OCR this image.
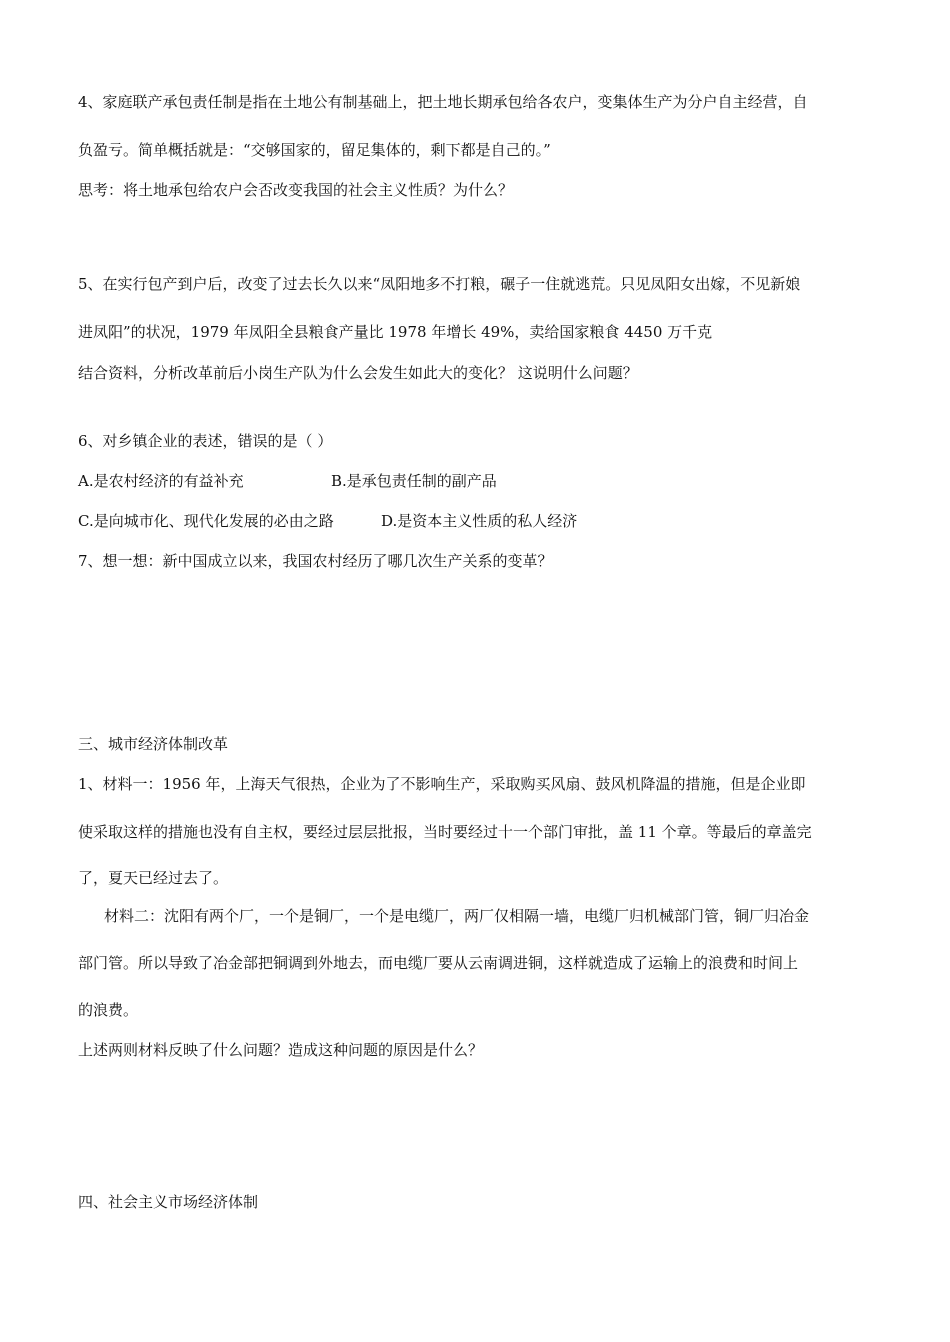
4、家庭联产承包责任制是指在土地公有制基础上，把土地长期承包给各农户，变集体生产为分户自主经营，自
负盈亏。简单概括就是：“交够国家的，留足集体的，剩下都是自己的。”
思考：将土地承包给农户会否改变我国的社会主义性质？为什么？
5、在实行包产到户后，改变了过去长久以来“凤阳地多不打粮，碾子一住就逃荒。只见凤阳女出嫁，不见新娘
进凤阳”的状况，1979 年凤阳全县粮食产量比 1978 年增长 49%，卖给国家粮食 4450 万千克
结合资料，分析改革前后小岗生产队为什么会发生如此大的变化？ 这说明什么问题？
6、对乡镇企业的表述，错误的是（ ）
A.是农村经济的有益补充	B.是承包责任制的副产品
C.是向城市化、现代化发展的必由之路	D.是资本主义性质的私人经济
7、想一想：新中国成立以来，我国农村经历了哪几次生产关系的变革？
三、城市经济体制改革
1、材料一：1956 年，上海天气很热，企业为了不影响生产，采取购买风扇、鼓风机降温的措施，但是企业即
使采取这样的措施也没有自主权，要经过层层批报，当时要经过十一个部门审批，盖 11 个章。等最后的章盖完
了，夏天已经过去了。
材料二：沈阳有两个厂，一个是铜厂，一个是电缆厂，两厂仅相隔一墙，电缆厂归机械部门管，铜厂归冶金
部门管。所以导致了冶金部把铜调到外地去，而电缆厂要从云南调进铜，这样就造成了运输上的浪费和时间上
的浪费。
上述两则材料反映了什么问题？造成这种问题的原因是什么？
四、社会主义市场经济体制
